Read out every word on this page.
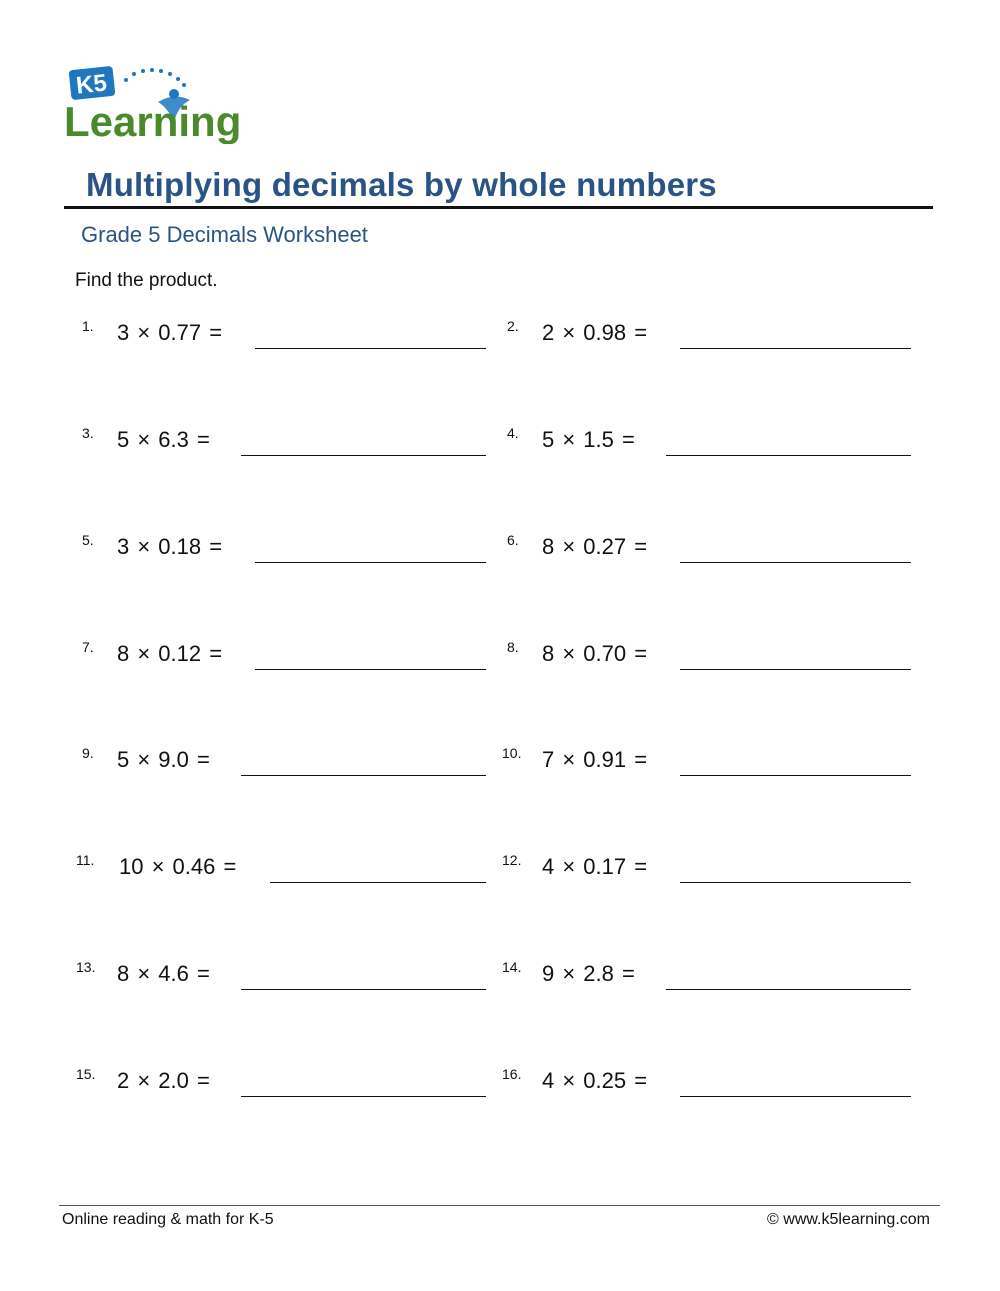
K5
Learning
Multiplying decimals by whole numbers
Grade 5 Decimals Worksheet
Find the product.
1. 3 × 0.77 =	2. 2 × 0.98 =
3. 5 × 6.3 =	4. 5 × 1.5 =
5. 3 × 0.18 =	6. 8 × 0.27 =
7. 8 × 0.12 =	8. 8 × 0.70 =
9. 5 × 9.0 =	10. 7 × 0.91 =
11. 10 × 0.46 =	12. 4 × 0.17 =
13. 8 × 4.6 =	14. 9 × 2.8 =
15. 2 × 2.0 =	16. 4 × 0.25 =
Online reading & math for K-5	© www.k5learning.com
